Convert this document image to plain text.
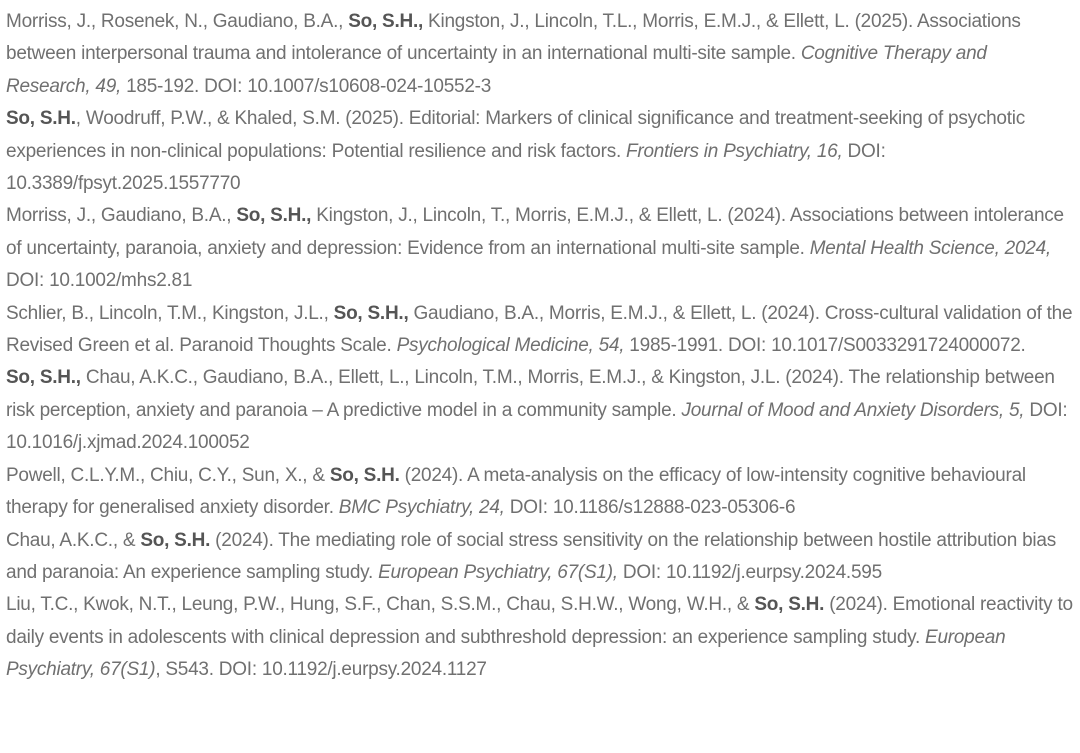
Morriss, J., Rosenek, N., Gaudiano, B.A., So, S.H., Kingston, J., Lincoln, T.L., Morris, E.M.J., & Ellett, L. (2025). Associations between interpersonal trauma and intolerance of uncertainty in an international multi-site sample. Cognitive Therapy and Research, 49, 185-192. DOI: 10.1007/s10608-024-10552-3

So, S.H., Woodruff, P.W., & Khaled, S.M. (2025). Editorial: Markers of clinical significance and treatment-seeking of psychotic experiences in non-clinical populations: Potential resilience and risk factors. Frontiers in Psychiatry, 16, DOI: 10.3389/fpsyt.2025.1557770

Morriss, J., Gaudiano, B.A., So, S.H., Kingston, J., Lincoln, T., Morris, E.M.J., & Ellett, L. (2024). Associations between intolerance of uncertainty, paranoia, anxiety and depression: Evidence from an international multi-site sample. Mental Health Science, 2024, DOI: 10.1002/mhs2.81

Schlier, B., Lincoln, T.M., Kingston, J.L., So, S.H., Gaudiano, B.A., Morris, E.M.J., & Ellett, L. (2024). Cross-cultural validation of the Revised Green et al. Paranoid Thoughts Scale. Psychological Medicine, 54, 1985-1991. DOI: 10.1017/S0033291724000072.

So, S.H., Chau, A.K.C., Gaudiano, B.A., Ellett, L., Lincoln, T.M., Morris, E.M.J., & Kingston, J.L. (2024). The relationship between risk perception, anxiety and paranoia – A predictive model in a community sample. Journal of Mood and Anxiety Disorders, 5, DOI: 10.1016/j.xjmad.2024.100052

Powell, C.L.Y.M., Chiu, C.Y., Sun, X., & So, S.H. (2024). A meta-analysis on the efficacy of low-intensity cognitive behavioural therapy for generalised anxiety disorder. BMC Psychiatry, 24, DOI: 10.1186/s12888-023-05306-6

Chau, A.K.C., & So, S.H. (2024). The mediating role of social stress sensitivity on the relationship between hostile attribution bias and paranoia: An experience sampling study. European Psychiatry, 67(S1), DOI: 10.1192/j.eurpsy.2024.595

Liu, T.C., Kwok, N.T., Leung, P.W., Hung, S.F., Chan, S.S.M., Chau, S.H.W., Wong, W.H., & So, S.H. (2024). Emotional reactivity to daily events in adolescents with clinical depression and subthreshold depression: an experience sampling study. European Psychiatry, 67(S1), S543. DOI: 10.1192/j.eurpsy.2024.1127
